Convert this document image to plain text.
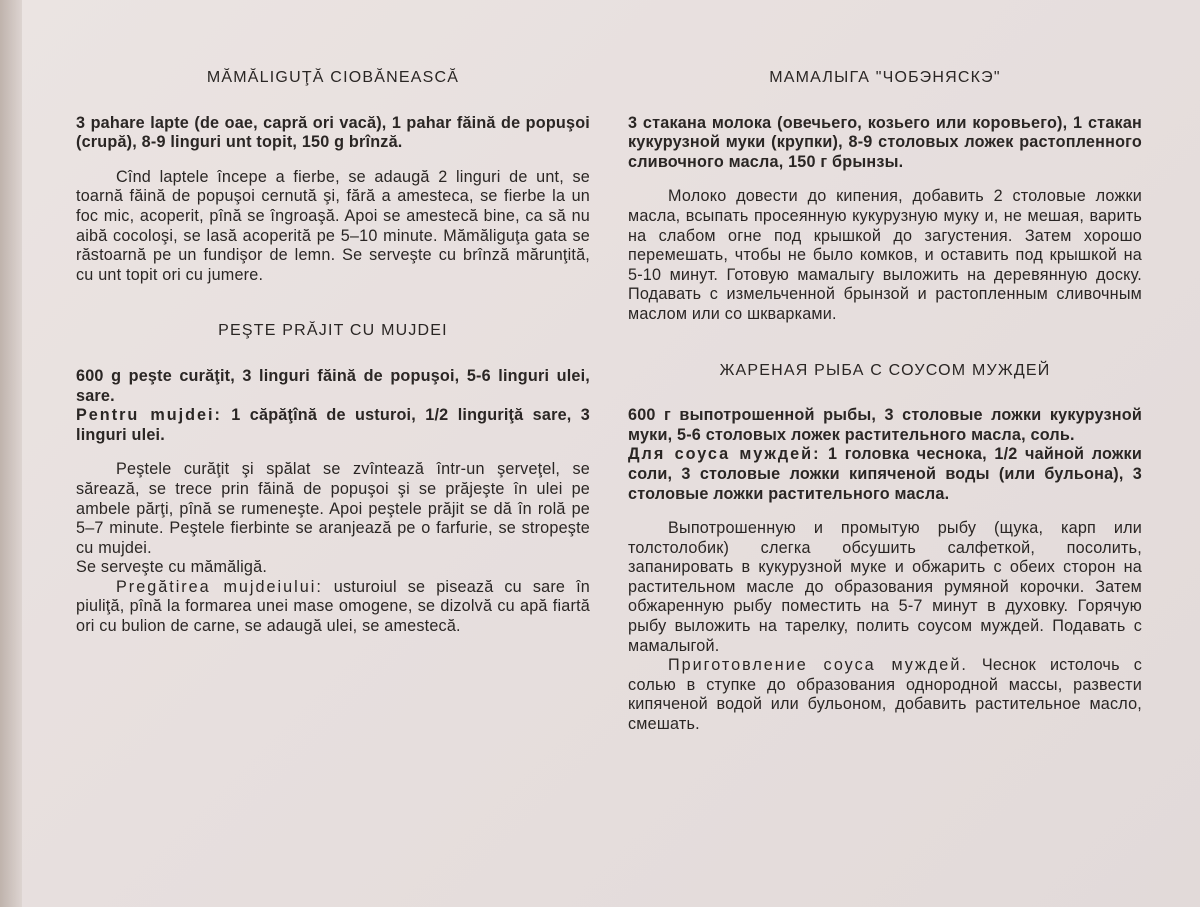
MĂMĂLIGUŢĂ CIOBĂNEASCĂ

3 pahare lapte (de oae, capră ori vacă), 1 pahar făină de popuşoi (crupă), 8-9 linguri unt topit, 150 g brînză.

Cînd laptele începe a fierbe, se adaugă 2 linguri de unt, se toarnă făină de popuşoi cernută şi, fără a amesteca, se fierbe la un foc mic, acoperit, pînă se îngroaşă. Apoi se amestecă bine, ca să nu aibă cocoloşi, se lasă acoperită pe 5–10 minute. Mămăliguţa gata se răstoarnă pe un fundişor de lemn. Se serveşte cu brînză mărunţită, cu unt topit ori cu jumere.

PEŞTE PRĂJIT CU MUJDEI

600 g peşte curăţit, 3 linguri făină de popuşoi, 5-6 linguri ulei, sare.

Pentru mujdei: 1 căpăţînă de usturoi, 1/2 linguriţă sare, 3 linguri ulei.

Peştele curăţit şi spălat se zvîntează într-un şerveţel, se sărează, se trece prin făină de popuşoi şi se prăjeşte în ulei pe ambele părţi, pînă se rumeneşte. Apoi peştele prăjit se dă în rolă pe 5–7 minute. Peştele fierbinte se aranjează pe o farfurie, se stropeşte cu mujdei.

Se serveşte cu mămăligă.

Pregătirea mujdeiului: usturoiul se pisează cu sare în piuliţă, pînă la formarea unei mase omogene, se dizolvă cu apă fiartă ori cu bulion de carne, se adaugă ulei, se amestecă.

МАМАЛЫГА "ЧОБЭНЯСКЭ"

3 стакана молока (овечьего, козьего или коровьего), 1 стакан кукурузной муки (крупки), 8-9 столовых ложек растопленного сливочного масла, 150 г брынзы.

Молоко довести до кипения, добавить 2 столовые ложки масла, всыпать просеянную кукурузную муку и, не мешая, варить на слабом огне под крышкой до загустения. Затем хорошо перемешать, чтобы не было комков, и оставить под крышкой на 5-10 минут. Готовую мамалыгу выложить на деревянную доску. Подавать с измельченной брынзой и растопленным сливочным маслом или со шкварками.

ЖАРЕНАЯ РЫБА С СОУСОМ МУЖДЕЙ

600 г выпотрошенной рыбы, 3 столовые ложки кукурузной муки, 5-6 столовых ложек растительного масла, соль.

Для соуса муждей: 1 головка чеснока, 1/2 чайной ложки соли, 3 столовые ложки кипяченой воды (или бульона), 3 столовые ложки растительного масла.

Выпотрошенную и промытую рыбу (щука, карп или толстолобик) слегка обсушить салфеткой, посолить, запанировать в кукурузной муке и обжарить с обеих сторон на растительном масле до образования румяной корочки. Затем обжаренную рыбу поместить на 5-7 минут в духовку. Горячую рыбу выложить на тарелку, полить соусом муждей. Подавать с мамалыгой.

Приготовление соуса муждей. Чеснок истолочь с солью в ступке до образования однородной массы, развести кипяченой водой или бульоном, добавить растительное масло, смешать.
